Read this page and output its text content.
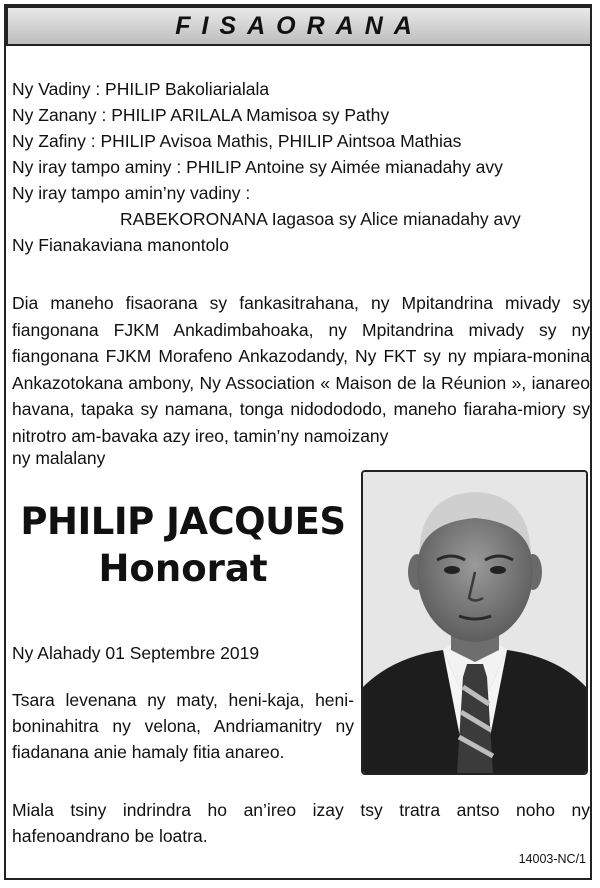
FISAORANA
Ny Vadiny : PHILIP Bakoliarialala
Ny Zanany : PHILIP ARILALA Mamisoa sy Pathy
Ny Zafiny : PHILIP Avisoa Mathis, PHILIP Aintsoa Mathias
Ny iray tampo aminy : PHILIP Antoine sy Aimée mianadahy avy
Ny iray tampo amin’ny vadiny :
RABEKORONANA Iagasoa sy Alice mianadahy avy
Ny Fianakaviana manontolo
Dia maneho fisaorana sy fankasitrahana, ny Mpitandrina mivady sy fiangonana FJKM Ankadimbahoaka, ny Mpitandrina mivady sy ny fiangonana FJKM Morafeno Ankazodandy, Ny FKT sy ny mpiara-monina Ankazotokana ambony, Ny Association « Maison de la Réunion », ianareo havana, tapaka sy namana, tonga nidodododo, maneho fiaraha-miory sy nitrotro am-bavaka azy ireo, tamin’ny namoizany
ny malalany
PHILIP JACQUES
Honorat
Ny Alahady 01 Septembre 2019
Tsara levenana ny maty, heni-kaja, heni-boninahitra ny velona, Andriamanitry ny fiadanana anie hamaly fitia anareo.
Miala tsiny indrindra ho an’ireo izay tsy tratra antso noho ny hafenoandrano be loatra.
14003-NC/1
